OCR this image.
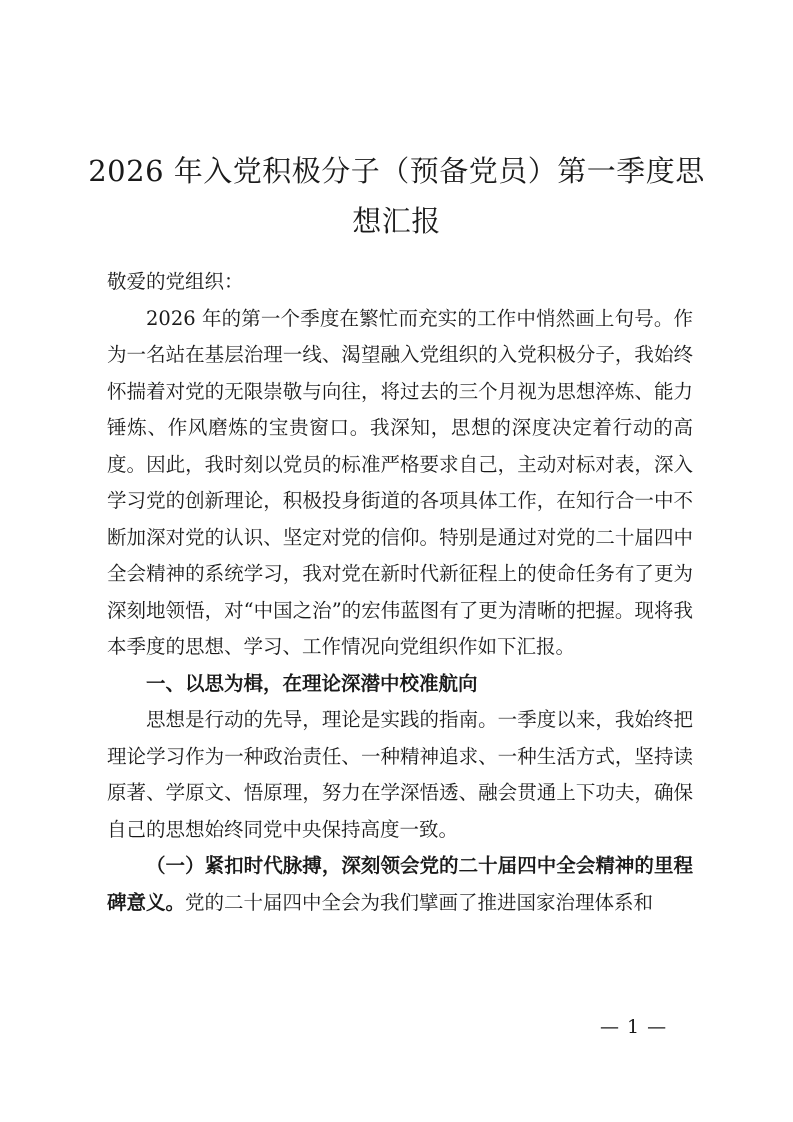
2026 年入党积极分子（预备党员）第一季度思想汇报

敬爱的党组织：

2026 年的第一个季度在繁忙而充实的工作中悄然画上句号。作为一名站在基层治理一线、渴望融入党组织的入党积极分子，我始终怀揣着对党的无限崇敬与向往，将过去的三个月视为思想淬炼、能力锤炼、作风磨炼的宝贵窗口。我深知，思想的深度决定着行动的高度。因此，我时刻以党员的标准严格要求自己，主动对标对表，深入学习党的创新理论，积极投身街道的各项具体工作，在知行合一中不断加深对党的认识、坚定对党的信仰。特别是通过对党的二十届四中全会精神的系统学习，我对党在新时代新征程上的使命任务有了更为深刻地领悟，对“中国之治”的宏伟蓝图有了更为清晰的把握。现将我本季度的思想、学习、工作情况向党组织作如下汇报。

一、以思为楫，在理论深潜中校准航向

思想是行动的先导，理论是实践的指南。一季度以来，我始终把理论学习作为一种政治责任、一种精神追求、一种生活方式，坚持读原著、学原文、悟原理，努力在学深悟透、融会贯通上下功夫，确保自己的思想始终同党中央保持高度一致。

（一）紧扣时代脉搏，深刻领会党的二十届四中全会精神的里程碑意义。党的二十届四中全会为我们擘画了推进国家治理体系和

— 1 —
